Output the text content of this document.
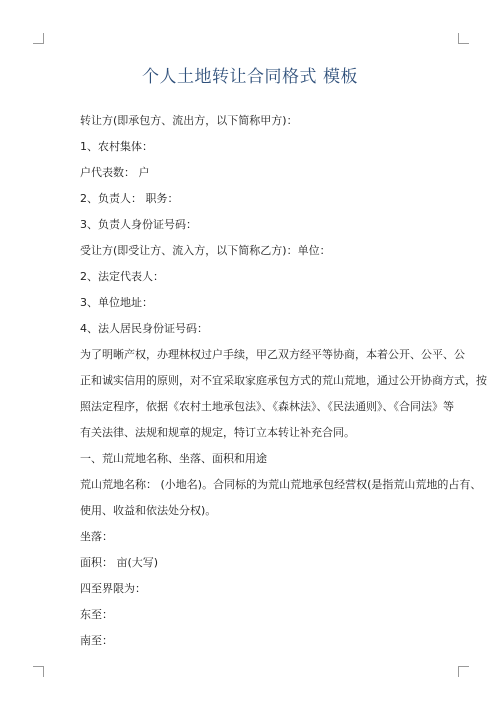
个人土地转让合同格式 模板

转让方(即承包方、流出方，以下简称甲方)：

1、农村集体：

户代表数： 户

2、负责人： 职务：

3、负责人身份证号码：

受让方(即受让方、流入方，以下简称乙方)：单位：

2、法定代表人：

3、单位地址：

4、法人居民身份证号码：

为了明晰产权，办理林权过户手续，甲乙双方经平等协商，本着公开、公平、公

正和诚实信用的原则，对不宜采取家庭承包方式的荒山荒地，通过公开协商方式，按

照法定程序，依据《农村土地承包法》、《森林法》、《民法通则》、《合同法》等

有关法律、法规和规章的规定，特订立本转让补充合同。

一、荒山荒地名称、坐落、面积和用途

荒山荒地名称： (小地名)。合同标的为荒山荒地承包经营权(是指荒山荒地的占有、

使用、收益和依法处分权)。

坐落：

面积： 亩(大写)

四至界限为：

东至：

南至：
